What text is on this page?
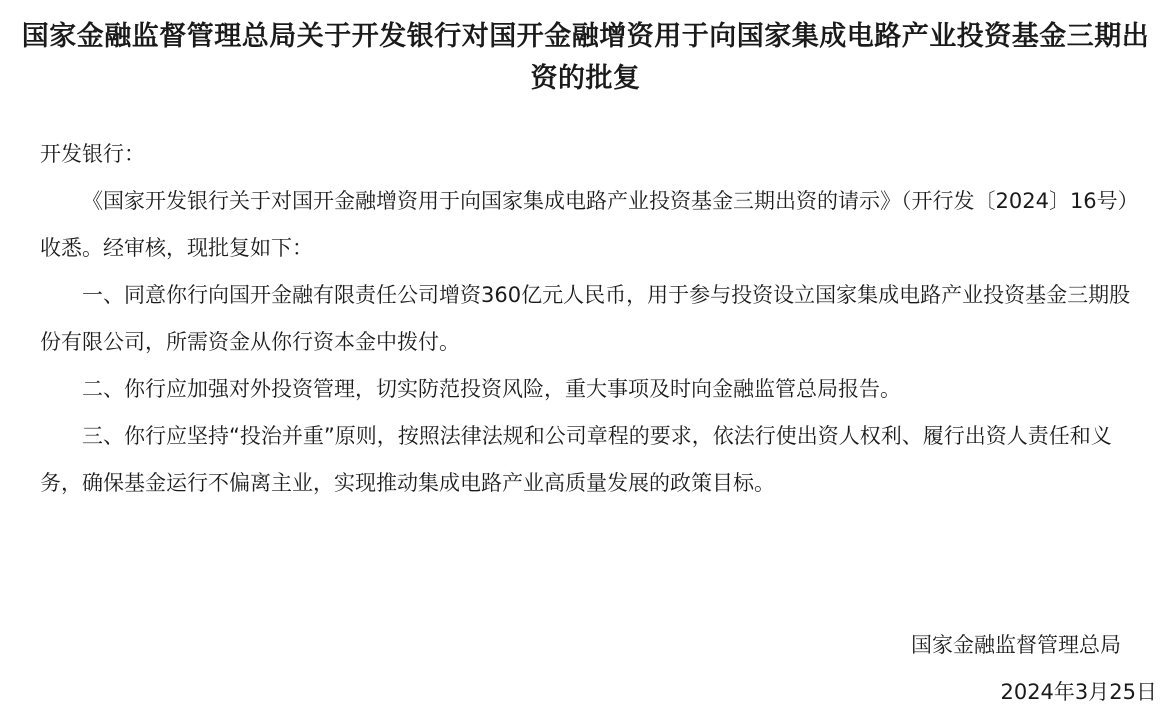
国家金融监督管理总局关于开发银行对国开金融增资用于向国家集成电路产业投资基金三期出资的批复
开发银行：

《国家开发银行关于对国开金融增资用于向国家集成电路产业投资基金三期出资的请示》（开行发〔2024〕16号）收悉。经审核，现批复如下：

一、同意你行向国开金融有限责任公司增资360亿元人民币，用于参与投资设立国家集成电路产业投资基金三期股份有限公司，所需资金从你行资本金中拨付。

二、你行应加强对外投资管理，切实防范投资风险，重大事项及时向金融监管总局报告。

三、你行应坚持“投治并重”原则，按照法律法规和公司章程的要求，依法行使出资人权利、履行出资人责任和义务，确保基金运行不偏离主业，实现推动集成电路产业高质量发展的政策目标。

国家金融监督管理总局
2024年3月25日
